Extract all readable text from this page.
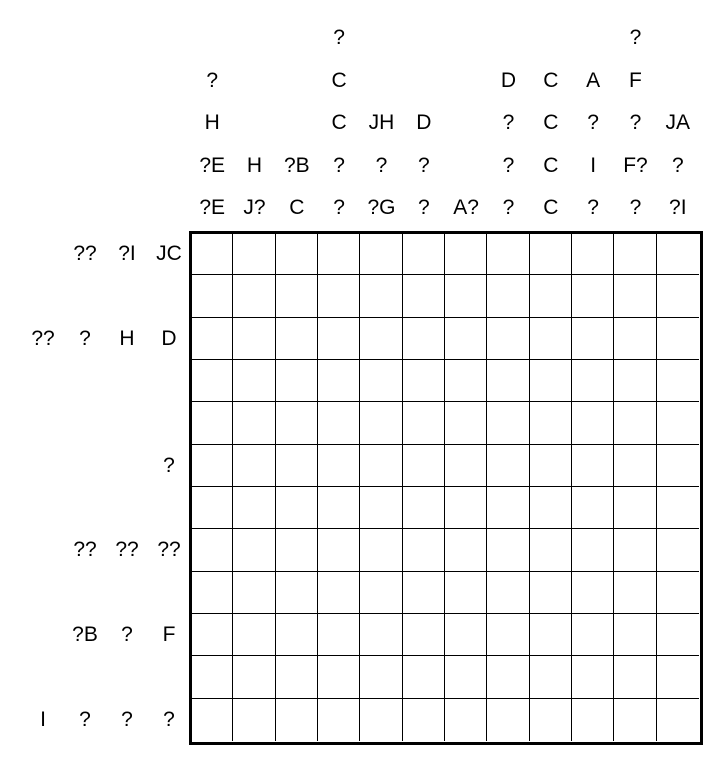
?E
?E
H
?
J?
H
C
?B
?
?
C
C
?
?G
?
JH
?
?
D
A?	?
?
?
D
C
C
C
C
?
I
?
A
?
F?
?
F
?
?I
?
JA
JC
?I
??
D
H
?
??
?
??
??
??
F
?
?B
?
?
?
I
